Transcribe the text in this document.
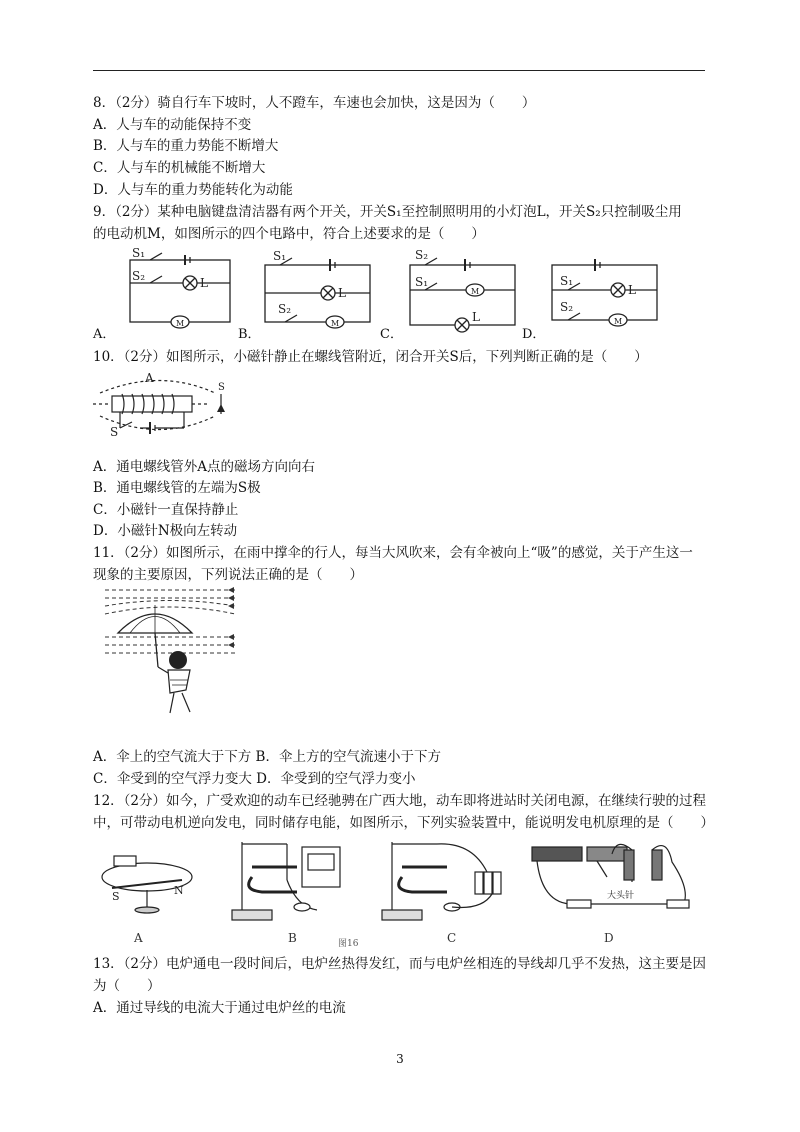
8．（2分）骑自行车下坡时，人不蹬车，车速也会加快，这是因为（　　）
A．人与车的动能保持不变
B．人与车的重力势能不断增大
C．人与车的机械能不断增大
D．人与车的重力势能转化为动能
9．（2分）某种电脑键盘清洁器有两个开关，开关S₁至控制照明用的小灯泡L，开关S₂只控制吸尘用
的电动机M，如图所示的四个电路中，符合上述要求的是（　　）
S₁
S₂	L
M
S₁
L
S₂
M
S₂
S₁
M
L
S₁
L
S₂
M
A．	B．	C．	D．
10．（2分）如图所示，小磁针静止在螺线管附近，闭合开关S后，下列判断正确的是（　　）
A
S
S
A．通电螺线管外A点的磁场方向向右
B．通电螺线管的左端为S极
C．小磁针一直保持静止
D．小磁针N极向左转动
11．（2分）如图所示，在雨中撑伞的行人，每当大风吹来，会有伞被向上“吸”的感觉，关于产生这一
现象的主要原因，下列说法正确的是（　　）
A．伞上的空气流大于下方 B．伞上方的空气流速小于下方
C．伞受到的空气浮力变大 D．伞受到的空气浮力变小
12．（2分）如今，广受欢迎的动车已经驰骋在广西大地，动车即将进站时关闭电源，在继续行驶的过程
中，可带动电机逆向发电，同时储存电能，如图所示，下列实验装置中，能说明发电机原理的是（　　）
S	N	大头针
A	B	图16	C	D
13．（2分）电炉通电一段时间后，电炉丝热得发红，而与电炉丝相连的导线却几乎不发热，这主要是因
为（　　）
A．通过导线的电流大于通过电炉丝的电流
3
